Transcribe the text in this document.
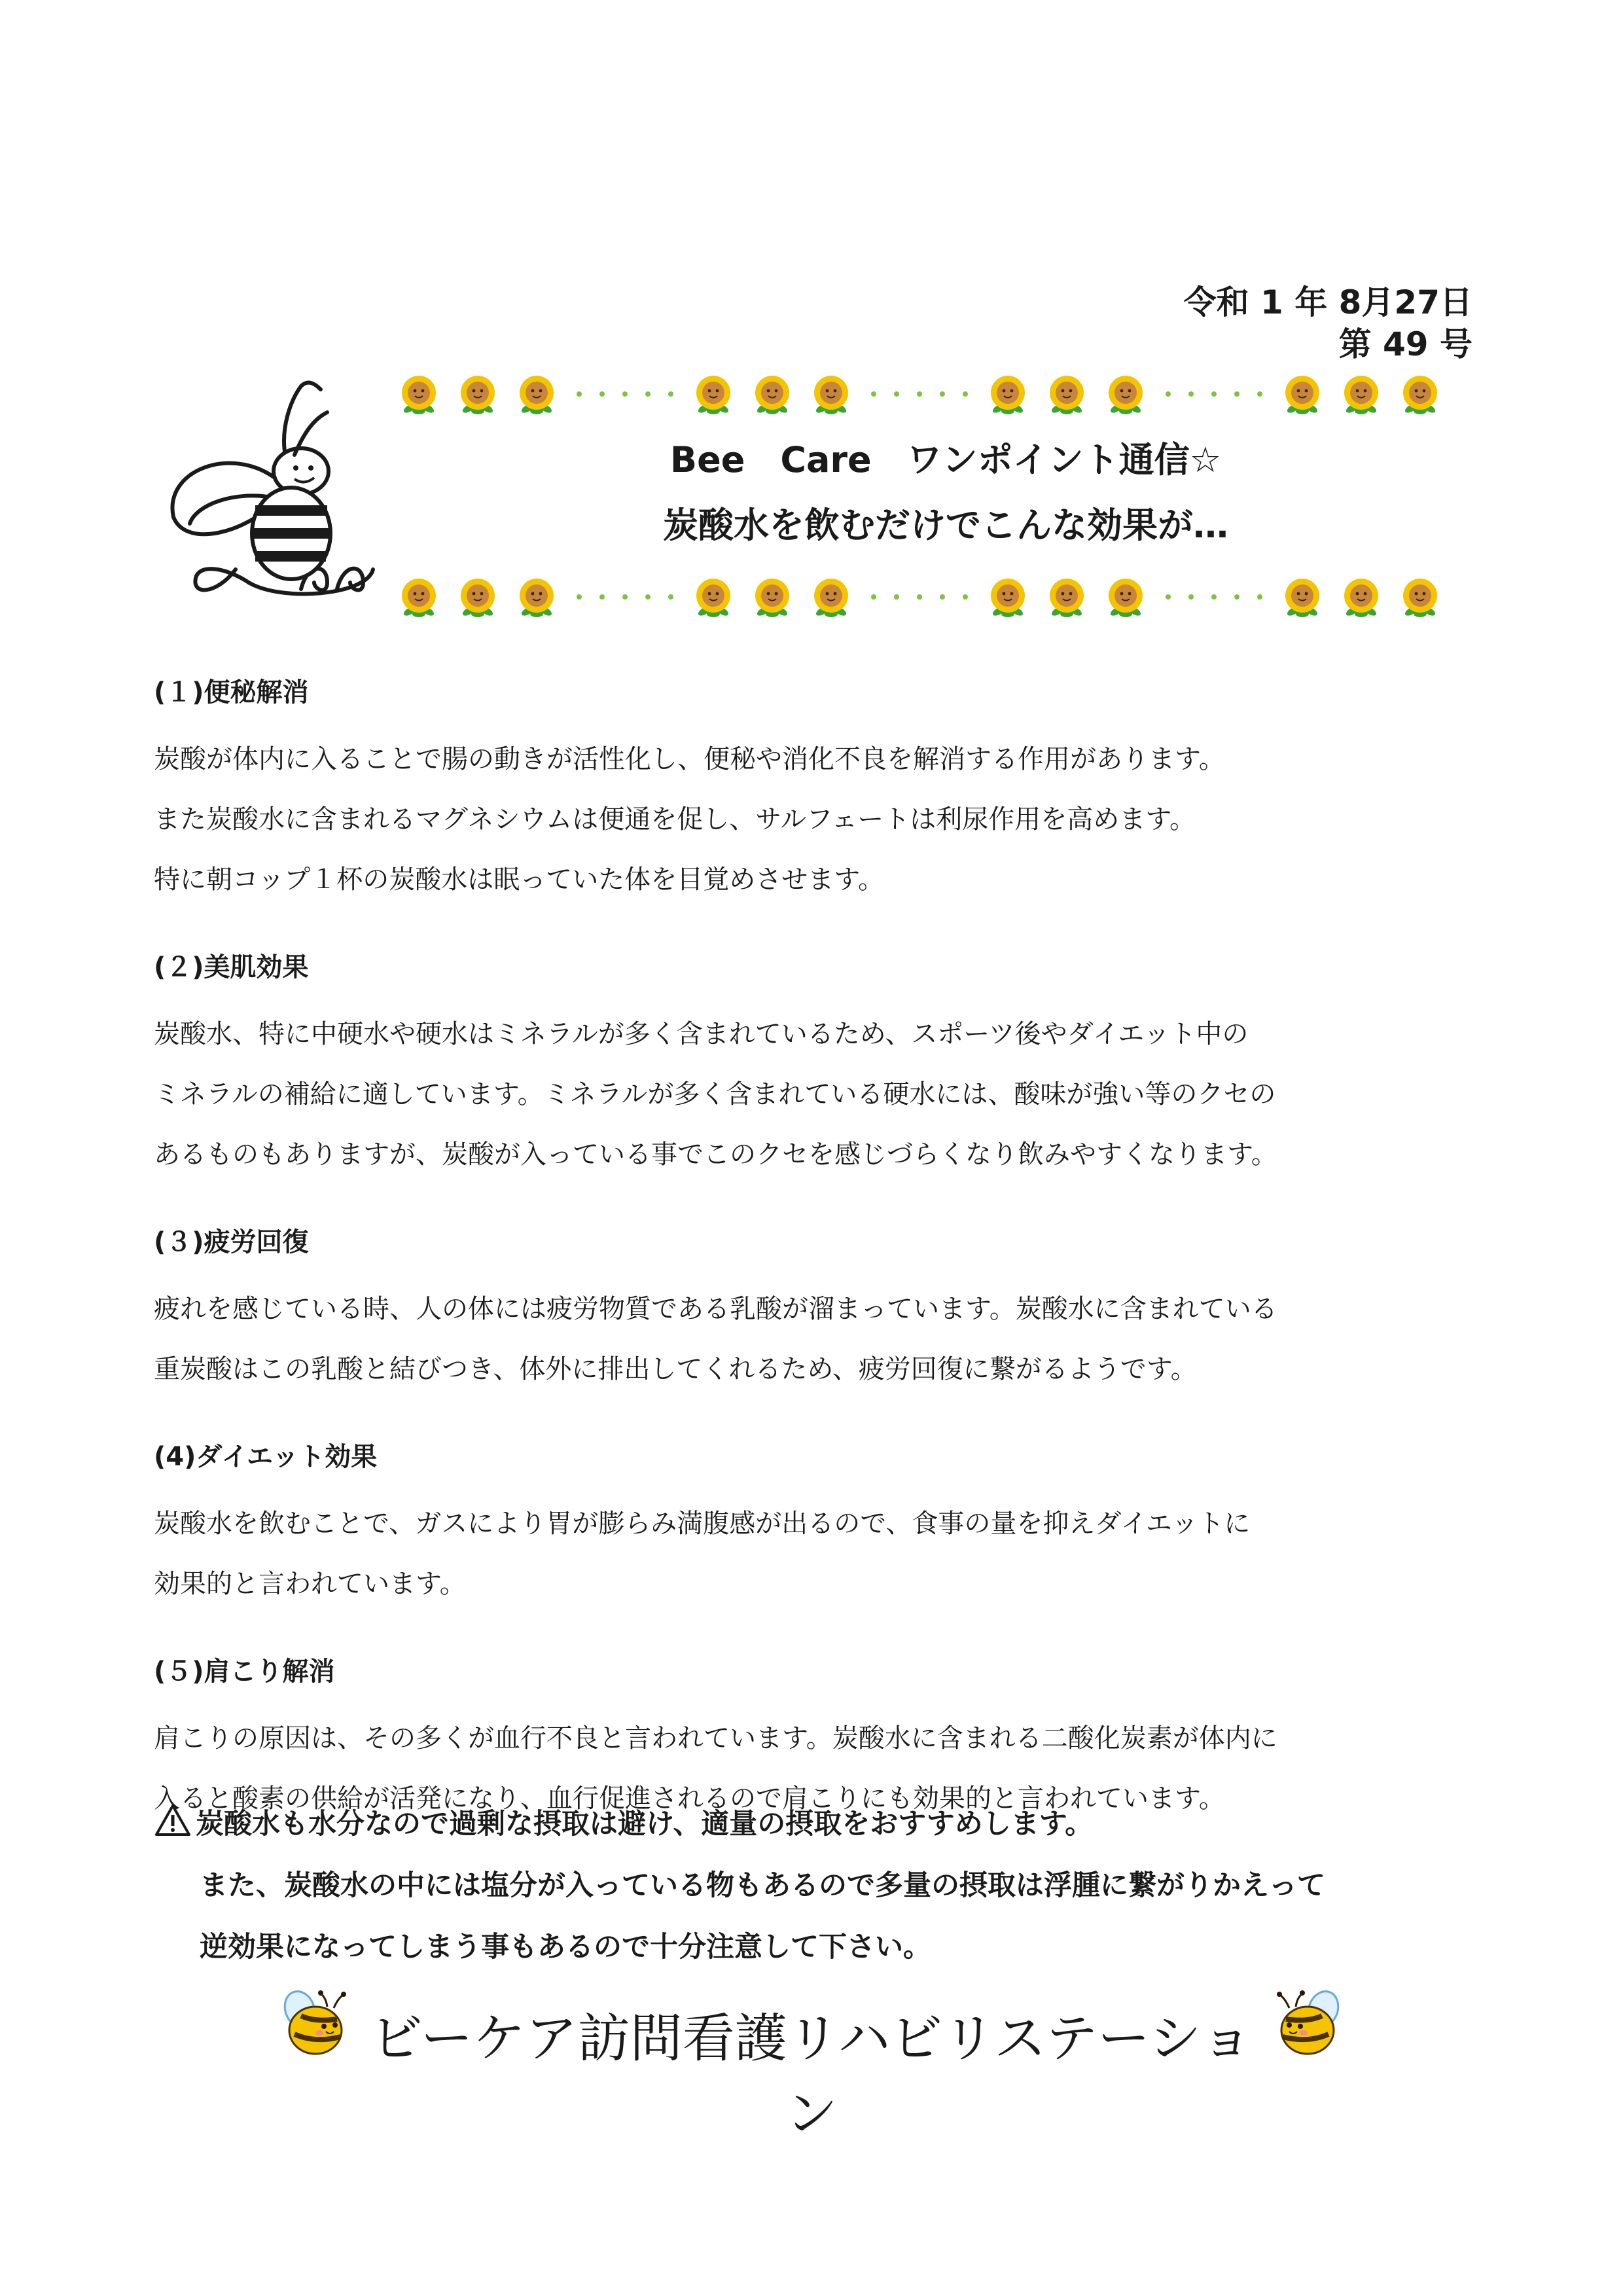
令和 1 年 8月27日
第 49 号
Bee　Care　ワンポイント通信☆
炭酸水を飲むだけでこんな効果が…
(１)便秘解消

炭酸が体内に入ることで腸の動きが活性化し、便秘や消化不良を解消する作用があります。

また炭酸水に含まれるマグネシウムは便通を促し、サルフェートは利尿作用を高めます。

特に朝コップ１杯の炭酸水は眠っていた体を目覚めさせます。

(２)美肌効果

炭酸水、特に中硬水や硬水はミネラルが多く含まれているため、スポーツ後やダイエット中の

ミネラルの補給に適しています。ミネラルが多く含まれている硬水には、酸味が強い等のクセの

あるものもありますが、炭酸が入っている事でこのクセを感じづらくなり飲みやすくなります。

(３)疲労回復

疲れを感じている時、人の体には疲労物質である乳酸が溜まっています。炭酸水に含まれている

重炭酸はこの乳酸と結びつき、体外に排出してくれるため、疲労回復に繋がるようです。

(4)ダイエット効果

炭酸水を飲むことで、ガスにより胃が膨らみ満腹感が出るので、食事の量を抑えダイエットに

効果的と言われています。

(５)肩こり解消

肩こりの原因は、その多くが血行不良と言われています。炭酸水に含まれる二酸化炭素が体内に

入ると酸素の供給が活発になり、血行促進されるので肩こりにも効果的と言われています。

炭酸水も水分なので過剰な摂取は避け、適量の摂取をおすすめします。
また、炭酸水の中には塩分が入っている物もあるので多量の摂取は浮腫に繋がりかえって
逆効果になってしまう事もあるので十分注意して下さい。
ビーケア訪問看護リハビリステーション
